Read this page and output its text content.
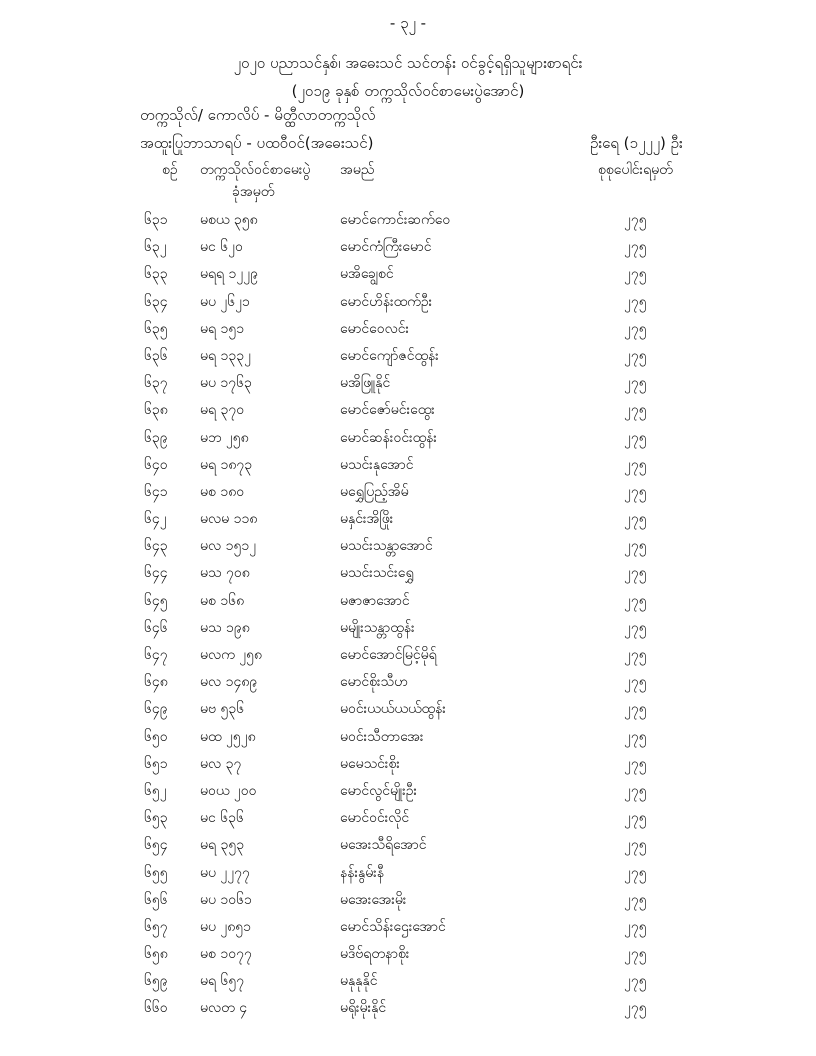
- ၃၂ -
၂၀၂၀ ပညာသင်နှစ်၊ အဓေးသင် သင်တန်း ဝင်ခွင့်ရရှိသူများစာရင်း
(၂၀၁၉ ခုနှစ် တက္ကသိုလ်ဝင်စာမေးပွဲအောင်)
တက္ကသိုလ်/ ကောလိပ် - မိတ္ထီလာတက္ကသိုလ်
အထူးပြုဘာသာရပ် - ပထဝီဝင်(အဓေးသင်)	ဦးရေ (၁၂၂၂) ဦး
စဉ် တက္ကသိုလ်ဝင်စာမေးပွဲ
ခုံအမှတ်
အမည်	စုစုပေါင်းရမှတ်
၆၃၁ မစယ ၃၅၈	မောင်ကောင်းဆက်ဝေ	၂၇၅
၆၃၂ မင ၆၂၀	မောင်ကံကြီးမောင်	၂၇၅
၆၃၃ မရရ ၁၂၂၉	မအိချွေစင်	၂၇၅
၆၃၄ မပ ၂၆၂၁	မောင်ဟိန်းထက်ဦး	၂၇၅
၆၃၅ မရ ၁၅၁	မောင်ဝေလင်း	၂၇၅
၆၃၆ မရ ၁၃၃၂	မောင်ကျော်ဇင်ထွန်း	၂၇၅
၆၃၇ မပ ၁၇၆၃	မအိဖြူနိုင်	၂၇၅
၆၃၈ မရ ၃၇၀	မောင်ဇော်မင်းထွေး	၂၇၅
၆၃၉ မဘ ၂၅၈	မောင်ဆန်းဝင်းထွန်း	၂၇၅
၆၄၀ မရ ၁၈၇၃	မသင်းနုအောင်	၂၇၅
၆၄၁ မစ ၁၈၀	မရွှေပြည့်အိမ်	၂၇၅
၆၄၂ မလမ ၁၁၈	မနှင်းအိဖြိုး	၂၇၅
၆၄၃ မလ ၁၅၁၂	မသင်းသန္တာအောင်	၂၇၅
၆၄၄ မသ ၇၀၈	မသင်းသင်းရွှေ	၂၇၅
၆၄၅ မစ ၁၆၈	မဇာဇာအောင်	၂၇၅
၆၄၆ မသ ၁၉၈	မမျိုးသန္တာထွန်း	၂၇၅
၆၄၇ မလက ၂၅၈	မောင်အောင်မြင့်မိုရ်	၂၇၅
၆၄၈ မလ ၁၄၈၉	မောင်စိုးသီဟ	၂၇၅
၆၄၉ မဗ ၅၃၆	မဝင်းယယ်ယယ်ထွန်း	၂၇၅
၆၅၀ မထ ၂၅၂၈	မဝင်းသီတာအေး	၂၇၅
၆၅၁ မလ ၃၇	မမေသင်းစိုး	၂၇၅
၆၅၂ မဝယ ၂၀၀	မောင်လွင်မျိုးဦး	၂၇၅
၆၅၃ မင ၆၃၆	မောင်ဝင်းလိုင်	၂၇၅
၆၅၄ မရ ၃၅၃	မအေးသီရိအောင်	၂၇၅
၆၅၅ မပ ၂၂၇၇	နန်းနွမ်းနီ	၂၇၅
၆၅၆ မပ ၁၀၆၁	မအေးအေးမိုး	၂၇၅
၆၅၇ မပ ၂၈၅၁	မောင်သိန်းဌေးအောင်	၂၇၅
၆၅၈ မစ ၁၀၇၇	မဒိဗ်ရတနာစိုး	၂၇၅
၆၅၉ မရ ၆၅၇	မနုနုနိုင်	၂၇၅
၆၆၀ မလတ ၄	မရိုးမိုးနိုင်	၂၇၅
